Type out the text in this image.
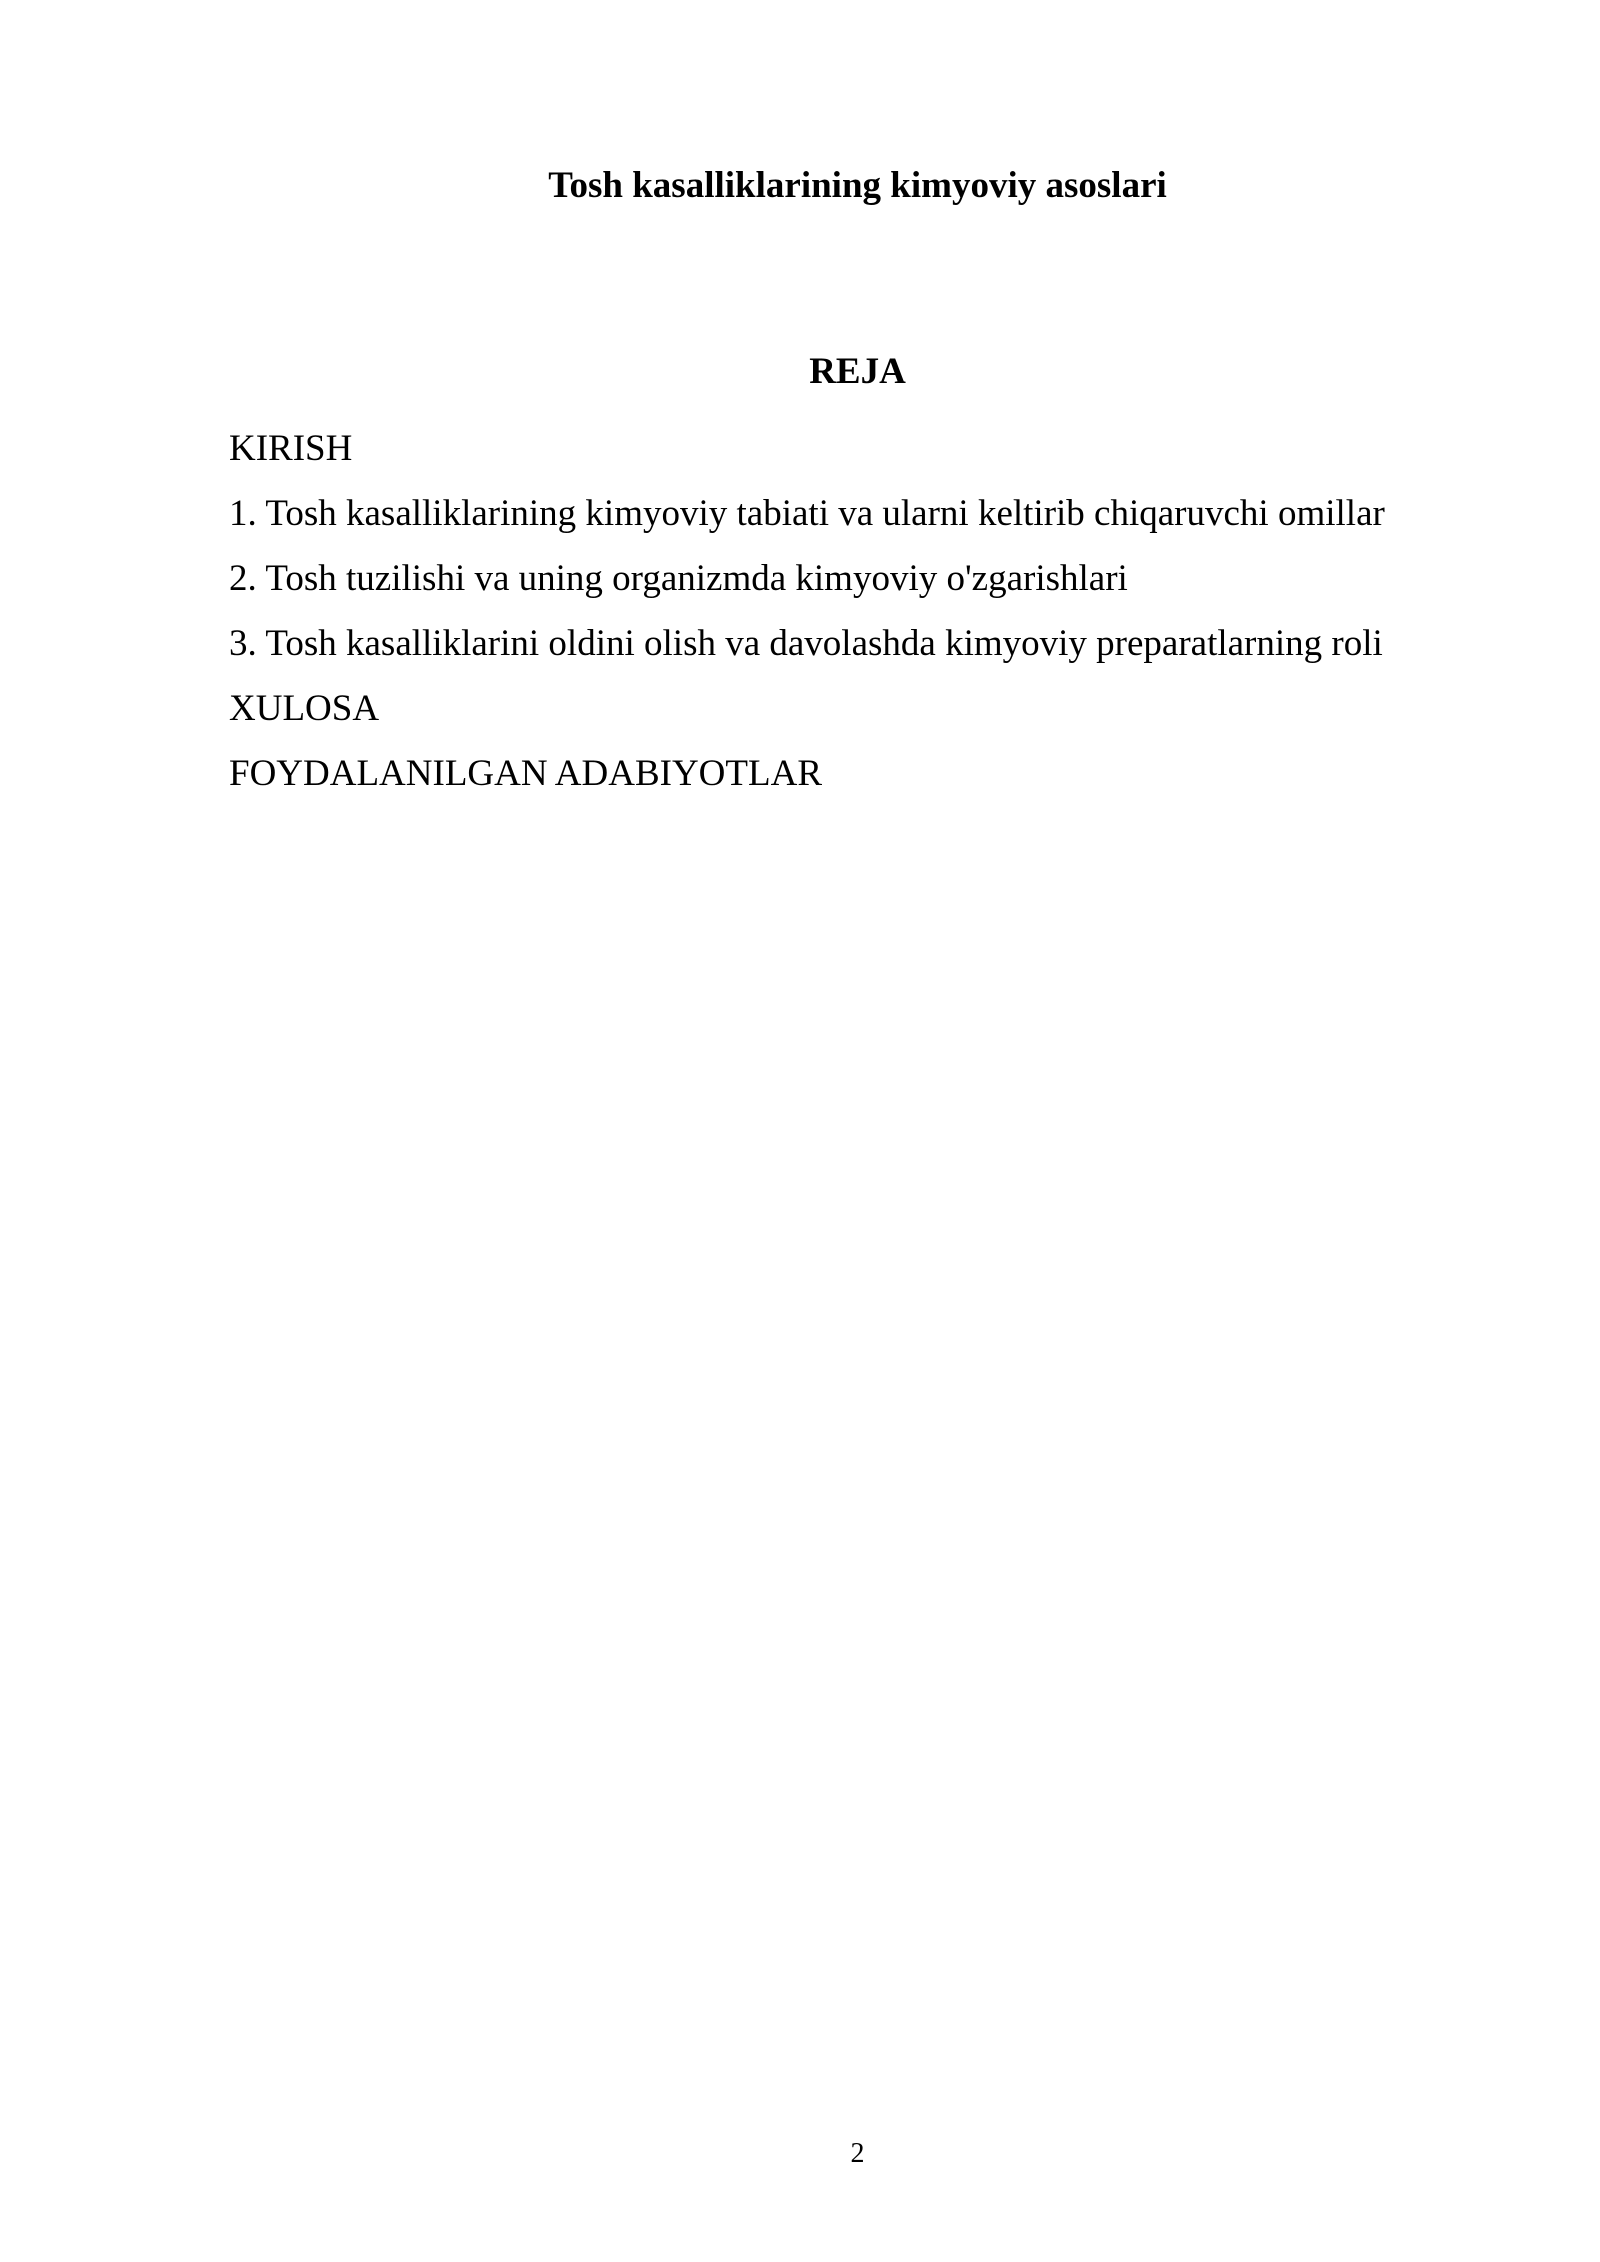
Tosh kasalliklarining kimyoviy asoslari
REJA
KIRISH
1. Tosh kasalliklarining kimyoviy tabiati va ularni keltirib chiqaruvchi omillar
2. Tosh tuzilishi va uning organizmda kimyoviy o'zgarishlari
3. Tosh kasalliklarini oldini olish va davolashda kimyoviy preparatlarning roli
XULOSA
FOYDALANILGAN ADABIYOTLAR
2
